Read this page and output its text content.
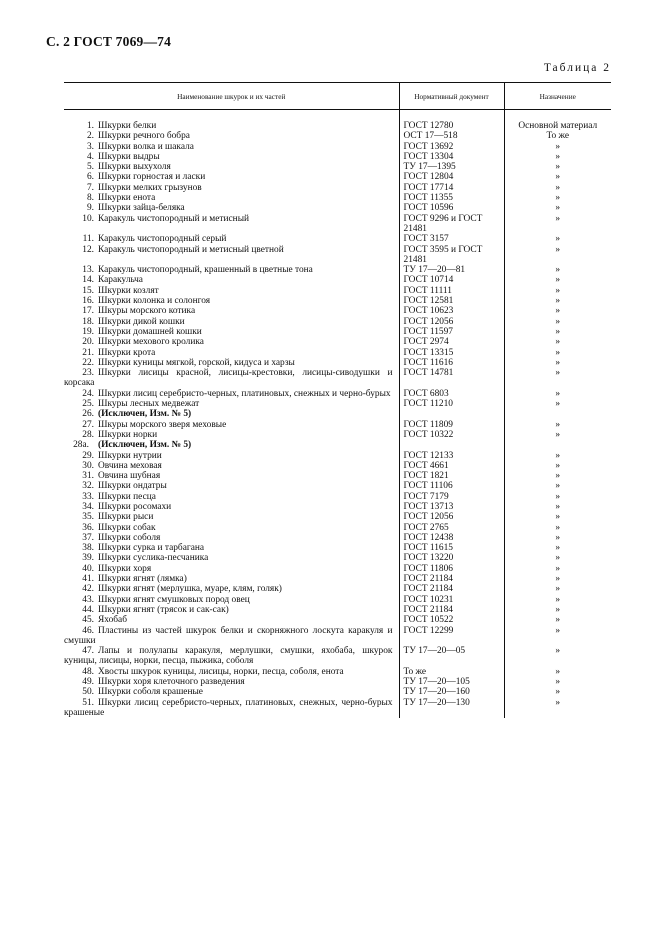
С. 2 ГОСТ 7069—74
Таблица 2
Наименование шкурок и их частей	Нормативный документ	Назначение
1. Шкурки белки	ГОСТ 12780	Основной материал
2. Шкурки речного бобра	ОСТ 17—518	То же
3. Шкурки волка и шакала	ГОСТ 13692	»
4. Шкурки выдры	ГОСТ 13304	»
5. Шкурки выхухоля	ТУ 17—1395	»
6. Шкурки горностая и ласки	ГОСТ 12804	»
7. Шкурки мелких грызунов	ГОСТ 17714	»
8. Шкурки енота	ГОСТ 11355	»
9. Шкурки зайца-беляка	ГОСТ 10596	»
10. Каракуль чистопородный и метисный	ГОСТ 9296 и ГОСТ 21481	»
11. Каракуль чистопородный серый	ГОСТ 3157	»
12. Каракуль чистопородный и метисный цветной	ГОСТ 3595 и ГОСТ 21481	»
13. Каракуль чистопородный, крашенный в цветные тона	ТУ 17—20—81	»
14. Каракульча	ГОСТ 10714	»
15. Шкурки козлят	ГОСТ 11111	»
16. Шкурки колонка и солонгоя	ГОСТ 12581	»
17. Шкуры морского котика	ГОСТ 10623	»
18. Шкурки дикой кошки	ГОСТ 12056	»
19. Шкурки домашней кошки	ГОСТ 11597	»
20. Шкурки мехового кролика	ГОСТ 2974	»
21. Шкурки крота	ГОСТ 13315	»
22. Шкурки куницы мягкой, горской, кидуса и харзы	ГОСТ 11616	»
23. Шкурки лисицы красной, лисицы-крестовки, лисицы-сиводушки и корсака	ГОСТ 14781	»
24. Шкурки лисиц серебристо-черных, платиновых, снежных и черно-бурых	ГОСТ 6803	»
25. Шкуры лесных медвежат	ГОСТ 11210	»
26. (Исключен, Изм. № 5)		
27. Шкуры морского зверя меховые	ГОСТ 11809	»
28. Шкурки норки	ГОСТ 10322	»
28а. (Исключен, Изм. № 5)		
29. Шкурки нутрии	ГОСТ 12133	»
30. Овчина меховая	ГОСТ 4661	»
31. Овчина шубная	ГОСТ 1821	»
32. Шкурки ондатры	ГОСТ 11106	»
33. Шкурки песца	ГОСТ 7179	»
34. Шкурки росомахи	ГОСТ 13713	»
35. Шкурки рыси	ГОСТ 12056	»
36. Шкурки собак	ГОСТ 2765	»
37. Шкурки соболя	ГОСТ 12438	»
38. Шкурки сурка и тарбагана	ГОСТ 11615	»
39. Шкурки суслика-песчаника	ГОСТ 13220	»
40. Шкурки хоря	ГОСТ 11806	»
41. Шкурки ягнят (лямка)	ГОСТ 21184	»
42. Шкурки ягнят (мерлушка, муаре, клям, голяк)	ГОСТ 21184	»
43. Шкурки ягнят смушковых пород овец	ГОСТ 10231	»
44. Шкурки ягнят (трясок и сак-сак)	ГОСТ 21184	»
45. Яхобаб	ГОСТ 10522	»
46. Пластины из частей шкурок белки и скорняжного лоскута каракуля и смушки	ГОСТ 12299	»
47. Лапы и полулапы каракуля, мерлушки, смушки, яхобаба, шкурок куницы, лисицы, норки, песца, пыжика, соболя	ТУ 17—20—05	»
48. Хвосты шкурок куницы, лисицы, норки, песца, соболя, енота	То же	»
49. Шкурки хоря клеточного разведения	ТУ 17—20—105	»
50. Шкурки соболя крашеные	ТУ 17—20—160	»
51. Шкурки лисиц серебристо-черных, платиновых, снежных, черно-бурых крашеные	ТУ 17—20—130	»
